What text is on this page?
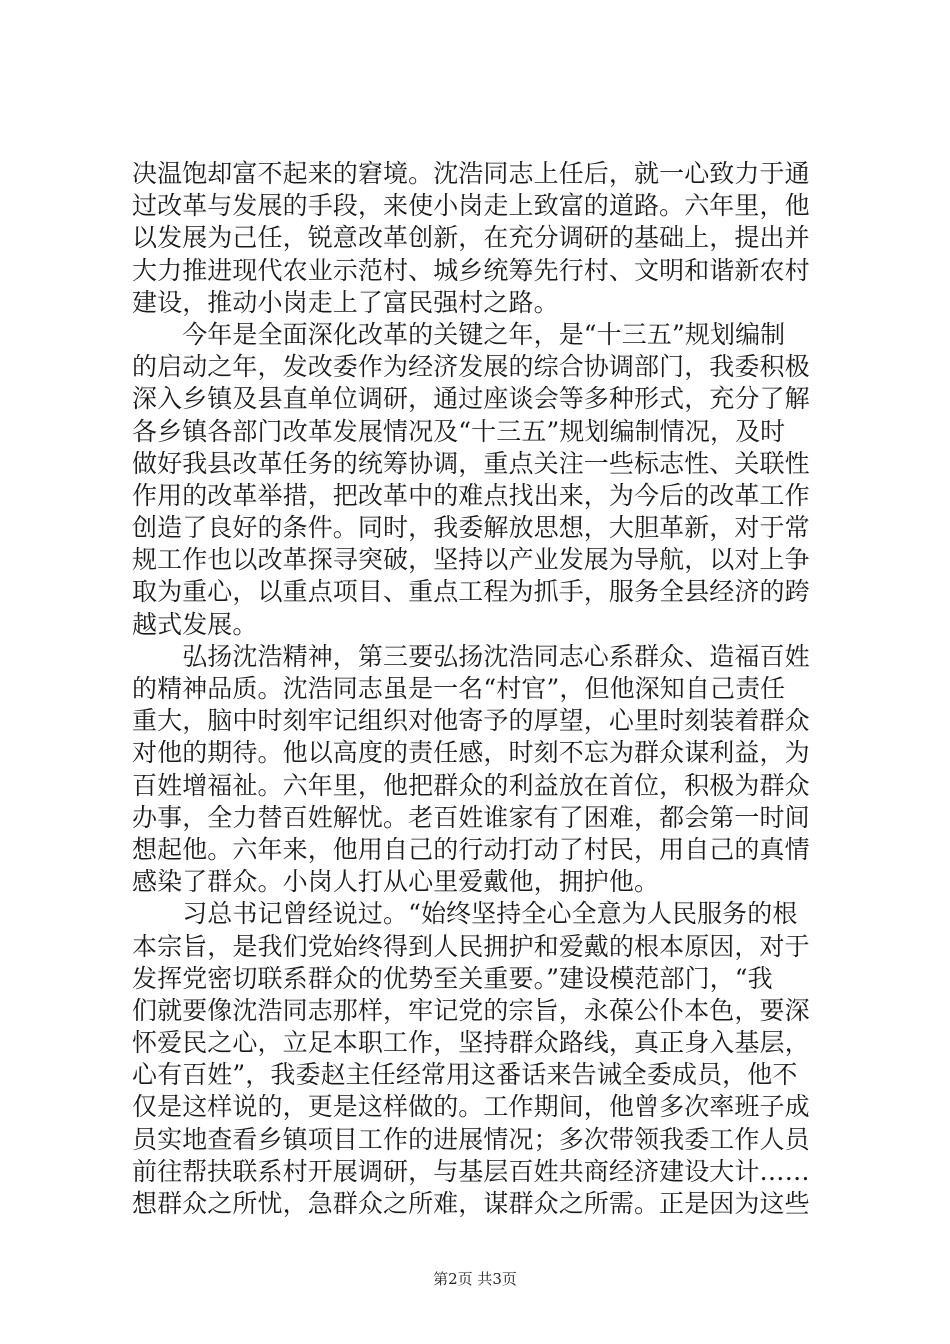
决温饱却富不起来的窘境。沈浩同志上任后，就一心致力于通
过改革与发展的手段，来使小岗走上致富的道路。六年里，他
以发展为己任，锐意改革创新，在充分调研的基础上，提出并
大力推进现代农业示范村、城乡统筹先行村、文明和谐新农村
建设，推动小岗走上了富民强村之路。
　　今年是全面深化改革的关键之年，是“十三五”规划编制
的启动之年，发改委作为经济发展的综合协调部门，我委积极
深入乡镇及县直单位调研，通过座谈会等多种形式，充分了解
各乡镇各部门改革发展情况及“十三五”规划编制情况，及时
做好我县改革任务的统筹协调，重点关注一些标志性、关联性
作用的改革举措，把改革中的难点找出来，为今后的改革工作
创造了良好的条件。同时，我委解放思想，大胆革新，对于常
规工作也以改革探寻突破，坚持以产业发展为导航，以对上争
取为重心，以重点项目、重点工程为抓手，服务全县经济的跨
越式发展。
　　弘扬沈浩精神，第三要弘扬沈浩同志心系群众、造福百姓
的精神品质。沈浩同志虽是一名“村官”，但他深知自己责任
重大，脑中时刻牢记组织对他寄予的厚望，心里时刻装着群众
对他的期待。他以高度的责任感，时刻不忘为群众谋利益，为
百姓增福祉。六年里，他把群众的利益放在首位，积极为群众
办事，全力替百姓解忧。老百姓谁家有了困难，都会第一时间
想起他。六年来，他用自己的行动打动了村民，用自己的真情
感染了群众。小岗人打从心里爱戴他，拥护他。
　　习总书记曾经说过。“始终坚持全心全意为人民服务的根
本宗旨，是我们党始终得到人民拥护和爱戴的根本原因，对于
发挥党密切联系群众的优势至关重要。”建设模范部门，“我
们就要像沈浩同志那样，牢记党的宗旨，永葆公仆本色，要深
怀爱民之心，立足本职工作，坚持群众路线，真正身入基层，
心有百姓”，我委赵主任经常用这番话来告诫全委成员，他不
仅是这样说的，更是这样做的。工作期间，他曾多次率班子成
员实地查看乡镇项目工作的进展情况；多次带领我委工作人员
前往帮扶联系村开展调研，与基层百姓共商经济建设大计……
想群众之所忧，急群众之所难，谋群众之所需。正是因为这些
第2页 共3页
